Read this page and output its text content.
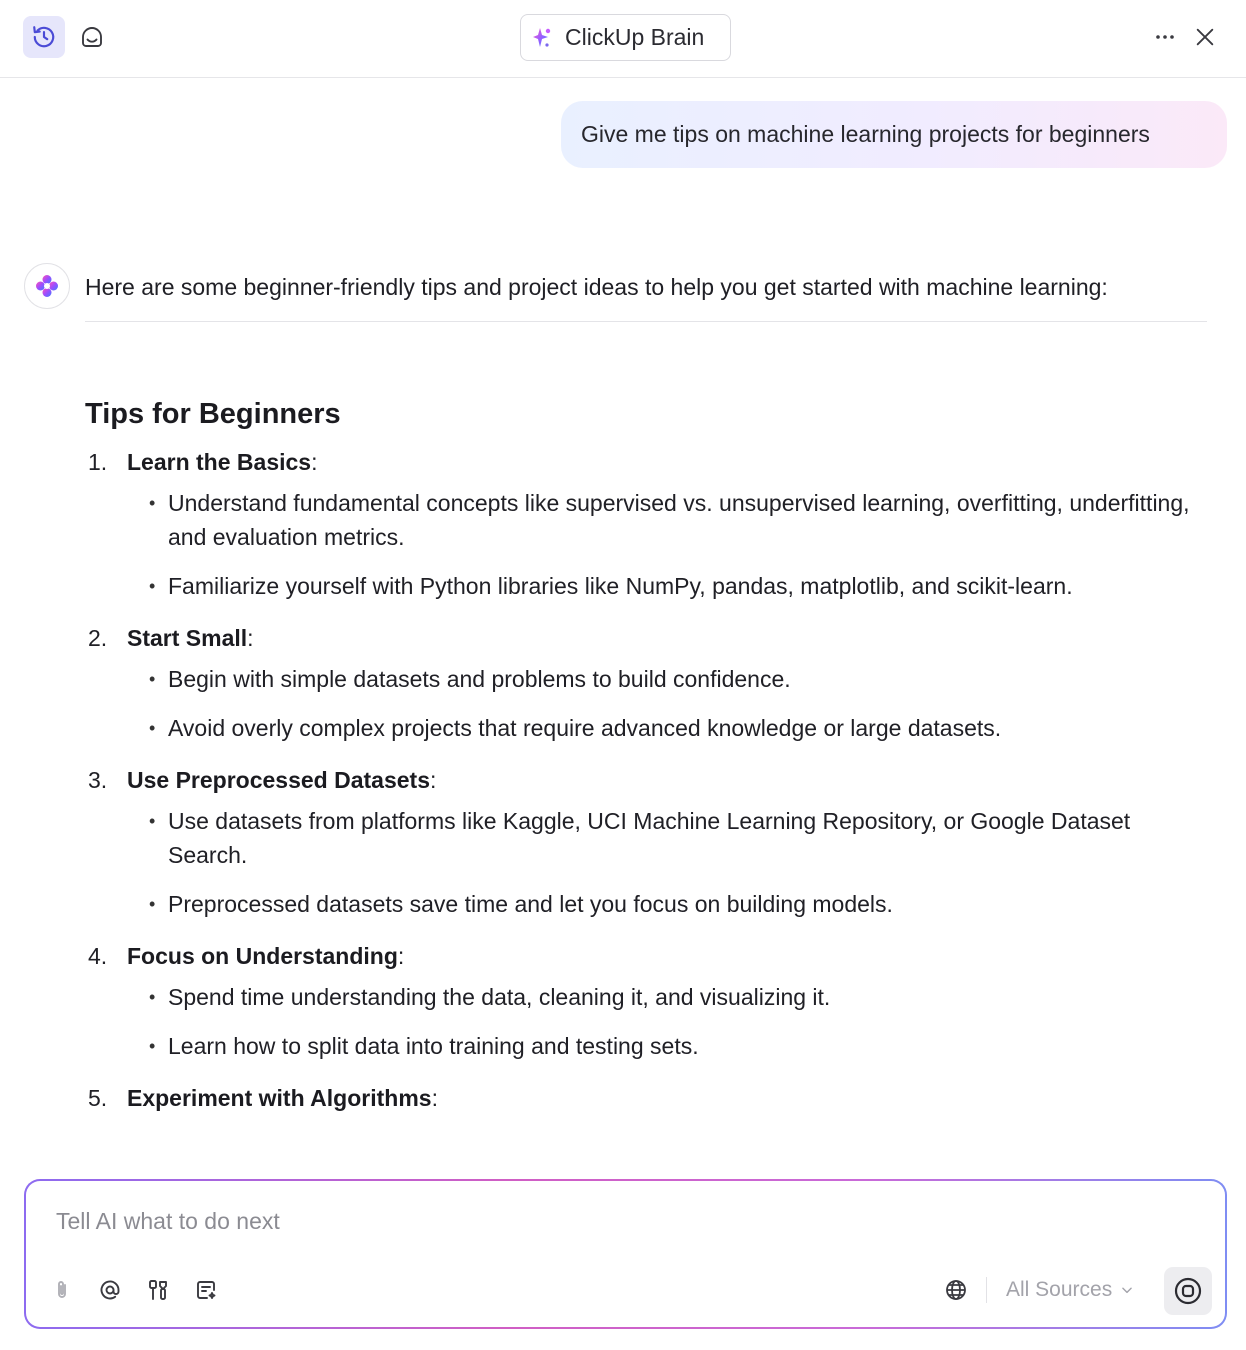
ClickUp Brain
Give me tips on machine learning projects for beginners

Here are some beginner-friendly tips and project ideas to help you get started with machine learning:

Tips for Beginners
1. Learn the Basics:
• Understand fundamental concepts like supervised vs. unsupervised learning, overfitting, underfitting, and evaluation metrics.
• Familiarize yourself with Python libraries like NumPy, pandas, matplotlib, and scikit-learn.
2. Start Small:
• Begin with simple datasets and problems to build confidence.
• Avoid overly complex projects that require advanced knowledge or large datasets.
3. Use Preprocessed Datasets:
• Use datasets from platforms like Kaggle, UCI Machine Learning Repository, or Google Dataset Search.
• Preprocessed datasets save time and let you focus on building models.
4. Focus on Understanding:
• Spend time understanding the data, cleaning it, and visualizing it.
• Learn how to split data into training and testing sets.
5. Experiment with Algorithms:
Tell AI what to do next
All Sources
